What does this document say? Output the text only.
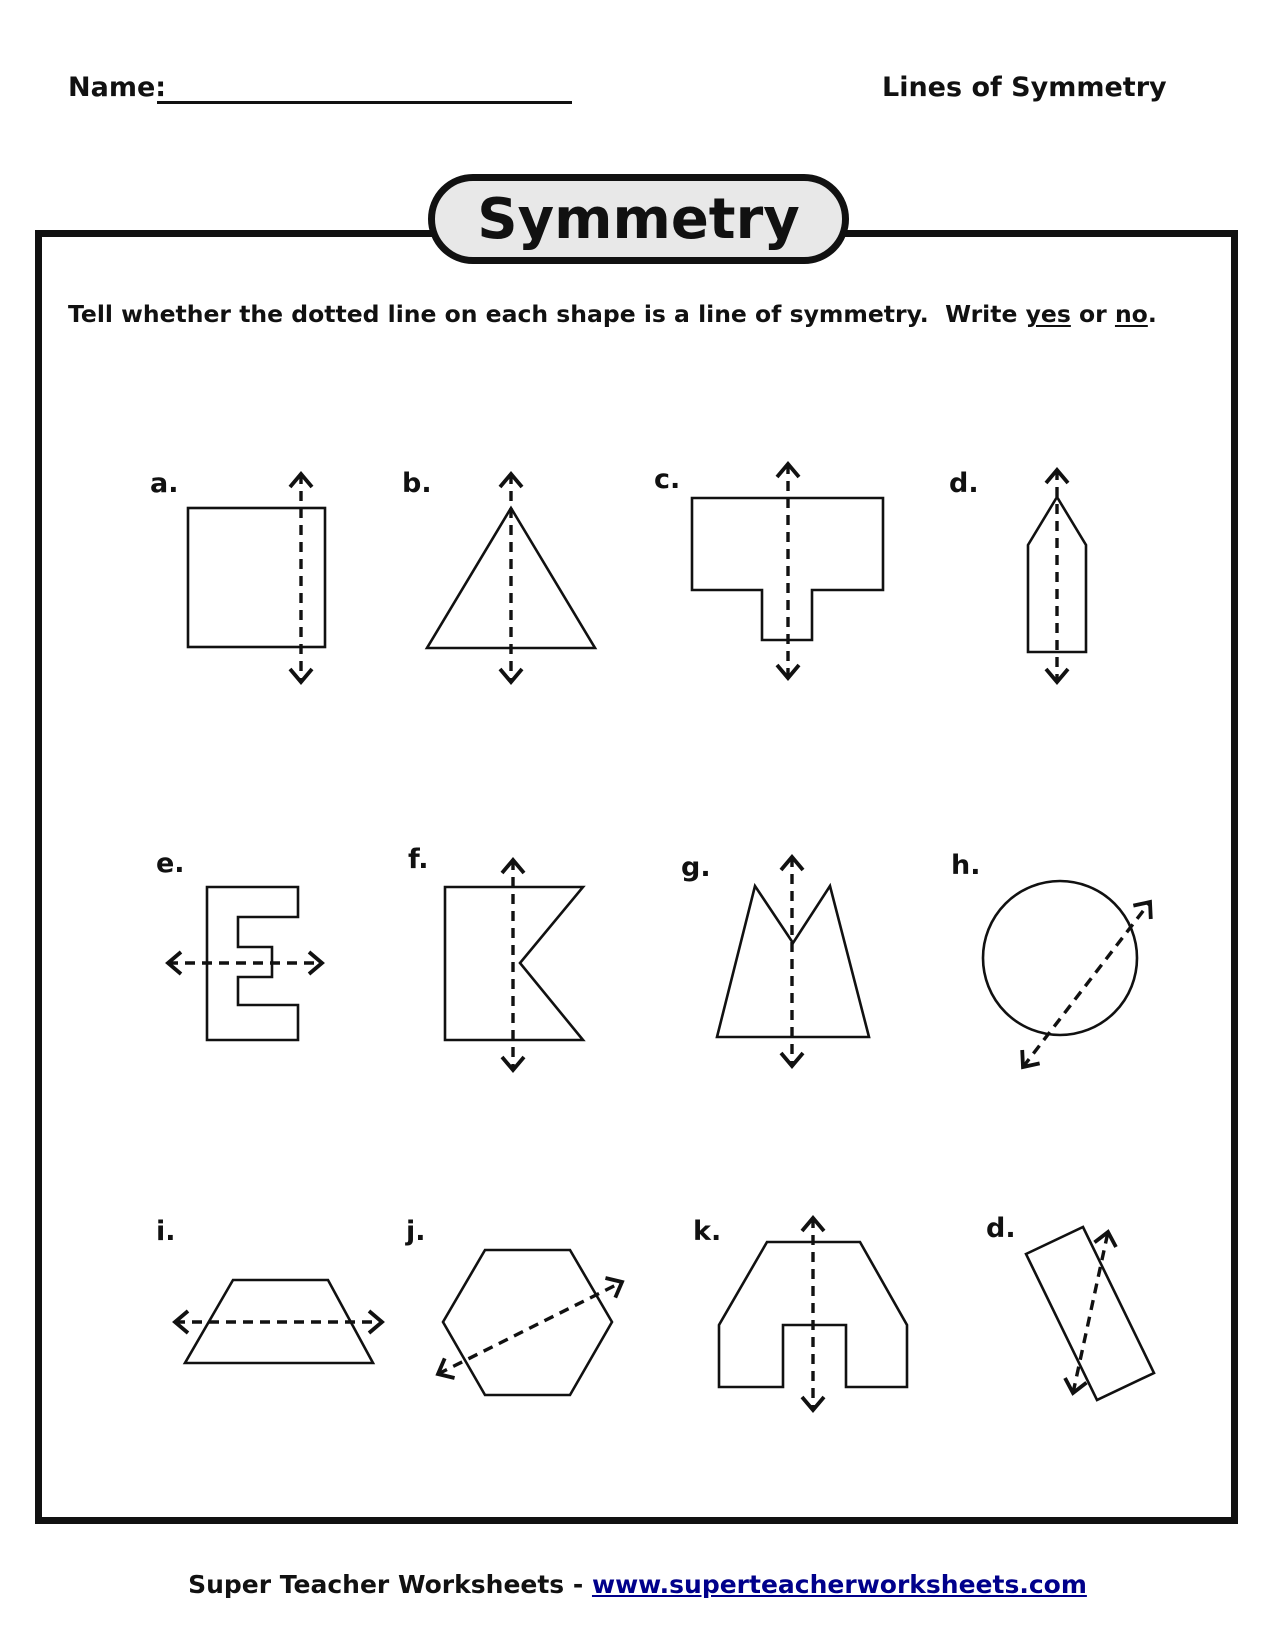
Name:	Lines of Symmetry
Symmetry

Tell whether the dotted line on each shape is a line of symmetry.  Write yes or no.

a.	b.	c.	d.
e.	f.	g.	h.
i.	j.	k.	d.
Super Teacher Worksheets - www.superteacherworksheets.com
